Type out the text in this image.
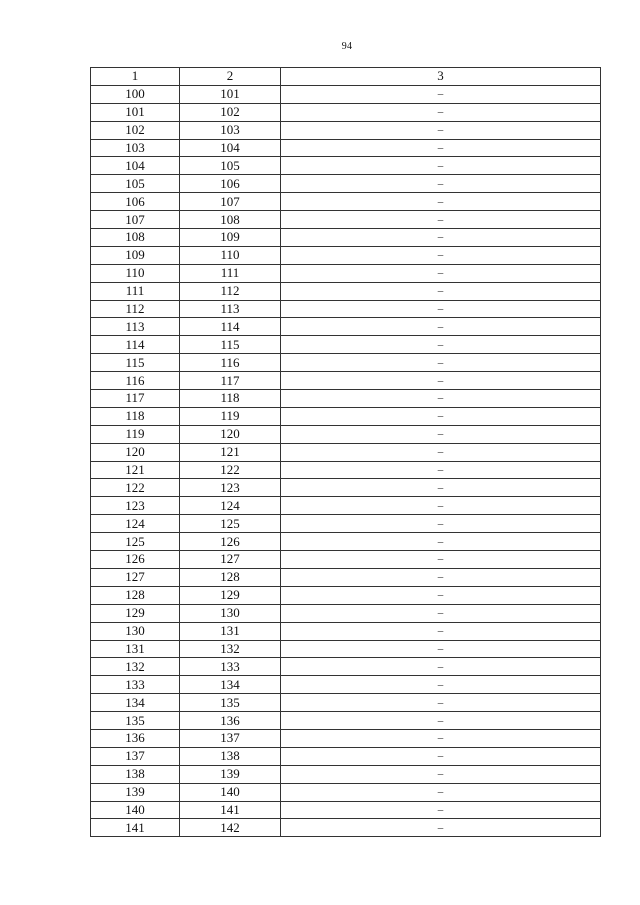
94
1	2	3
100	101	–
101	102	–
102	103	–
103	104	–
104	105	–
105	106	–
106	107	–
107	108	–
108	109	–
109	110	–
110	111	–
111	112	–
112	113	–
113	114	–
114	115	–
115	116	–
116	117	–
117	118	–
118	119	–
119	120	–
120	121	–
121	122	–
122	123	–
123	124	–
124	125	–
125	126	–
126	127	–
127	128	–
128	129	–
129	130	–
130	131	–
131	132	–
132	133	–
133	134	–
134	135	–
135	136	–
136	137	–
137	138	–
138	139	–
139	140	–
140	141	–
141	142	–
